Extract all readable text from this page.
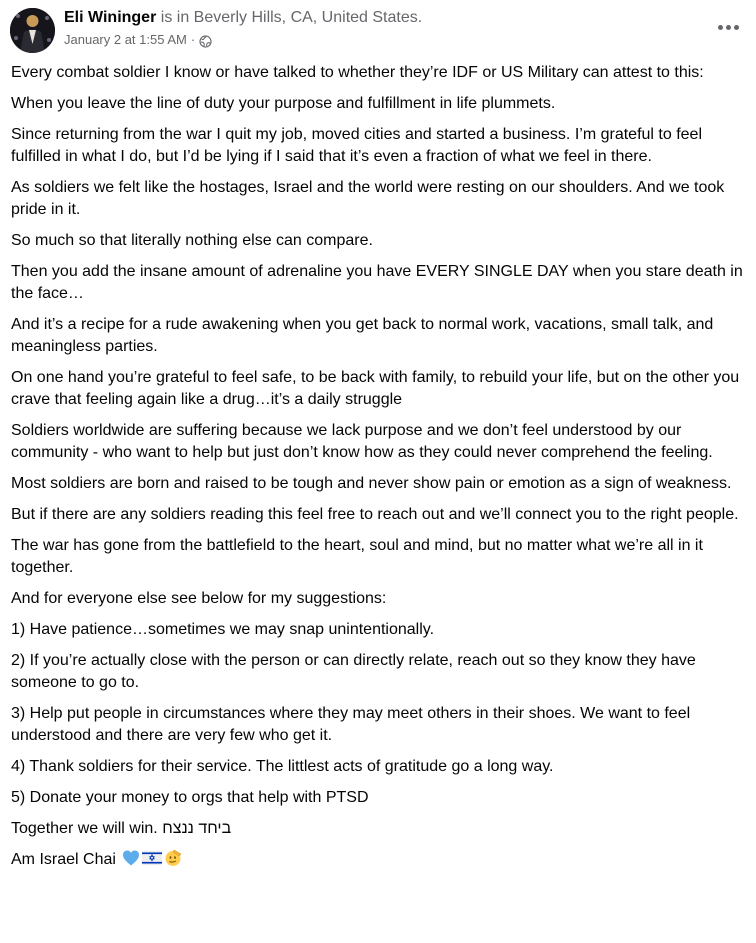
Eli Wininger is in Beverly Hills, CA, United States.
January 2 at 1:55 AM ·
Every combat soldier I know or have talked to whether they’re IDF or US Military can attest to this:
When you leave the line of duty your purpose and fulfillment in life plummets.
Since returning from the war I quit my job, moved cities and started a business. I’m grateful to feel fulfilled in what I do, but I’d be lying if I said that it’s even a fraction of what we feel in there.
As soldiers we felt like the hostages, Israel and the world were resting on our shoulders. And we took pride in it.
So much so that literally nothing else can compare.
Then you add the insane amount of adrenaline you have EVERY SINGLE DAY when you stare death in the face…
And it’s a recipe for a rude awakening when you get back to normal work, vacations, small talk, and meaningless parties.
On one hand you’re grateful to feel safe, to be back with family, to rebuild your life, but on the other you crave that feeling again like a drug…it’s a daily struggle
Soldiers worldwide are suffering because we lack purpose and we don’t feel understood by our community - who want to help but just don’t know how as they could never comprehend the feeling.
Most soldiers are born and raised to be tough and never show pain or emotion as a sign of weakness.
But if there are any soldiers reading this feel free to reach out and we’ll connect you to the right people.
The war has gone from the battlefield to the heart, soul and mind, but no matter what we’re all in it together.
And for everyone else see below for my suggestions:
1) Have patience…sometimes we may snap unintentionally.
2) If you’re actually close with the person or can directly relate, reach out so they know they have someone to go to.
3) Help put people in circumstances where they may meet others in their shoes. We want to feel understood and there are very few who get it.
4) Thank soldiers for their service. The littlest acts of gratitude go a long way.
5) Donate your money to orgs that help with PTSD
Together we will win. ביחד ננצח
Am Israel Chai
